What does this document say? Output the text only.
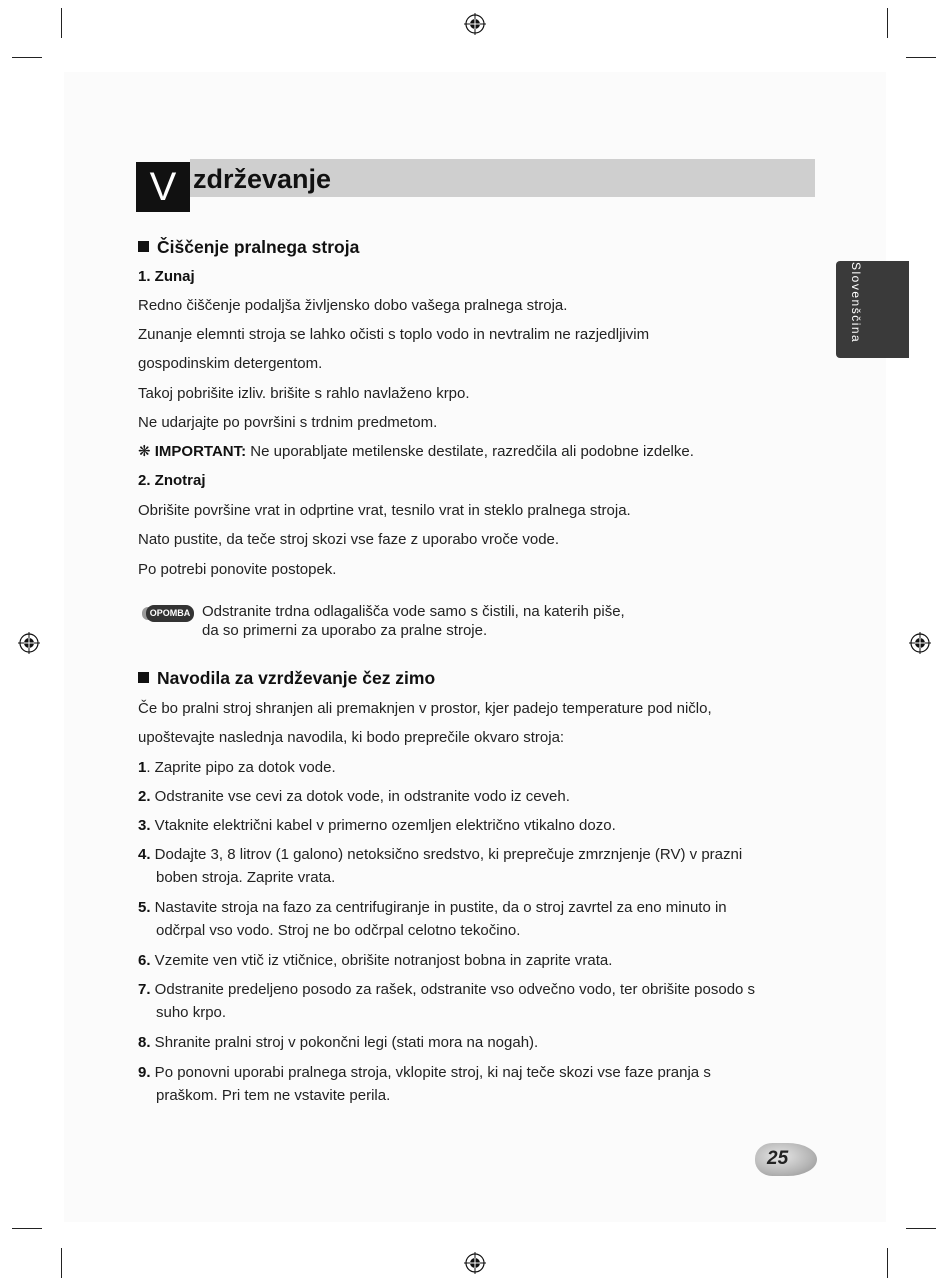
V zdrževanje
Slovenščina
Čiščenje pralnega stroja
1. Zunaj
Redno čiščenje podaljša življensko dobo vašega pralnega stroja.
Zunanje elemnti stroja se lahko očisti s toplo vodo in nevtralim ne razjedljivim
gospodinskim detergentom.
Takoj pobrišite izliv. brišite s rahlo navlaženo krpo.
Ne udarjajte po površini s trdnim predmetom.
❋ IMPORTANT: Ne uporabljate metilenske destilate, razredčila ali podobne izdelke.
2. Znotraj
Obrišite površine vrat in odprtine vrat, tesnilo vrat in steklo pralnega stroja.
Nato pustite, da teče stroj skozi vse faze z uporabo vroče vode.
Po potrebi ponovite postopek.
OPOMBA Odstranite trdna odlagališča vode samo s čistili, na katerih piše,
da so primerni za uporabo za pralne stroje.
Navodila za vzrdževanje čez zimo
Če bo pralni stroj shranjen ali premaknjen v prostor, kjer padejo temperature pod ničlo,
upoštevajte naslednja navodila, ki bodo preprečile okvaro stroja:
1. Zaprite pipo za dotok vode.
2. Odstranite vse cevi za dotok vode, in odstranite vodo iz ceveh.
3. Vtaknite električni kabel v primerno ozemljen električno vtikalno dozo.
4. Dodajte 3, 8 litrov (1 galono) netoksično sredstvo, ki preprečuje zmrznjenje (RV) v prazni
boben stroja. Zaprite vrata.
5. Nastavite stroja na fazo za centrifugiranje in pustite, da o stroj zavrtel za eno minuto in
odčrpal vso vodo. Stroj ne bo odčrpal celotno tekočino.
6. Vzemite ven vtič iz vtičnice, obrišite notranjost bobna in zaprite vrata.
7. Odstranite predeljeno posodo za rašek, odstranite vso odvečno vodo, ter obrišite posodo s
suho krpo.
8. Shranite pralni stroj v pokončni legi (stati mora na nogah).
9. Po ponovni uporabi pralnega stroja, vklopite stroj, ki naj teče skozi vse faze pranja s
praškom. Pri tem ne vstavite perila.
25
